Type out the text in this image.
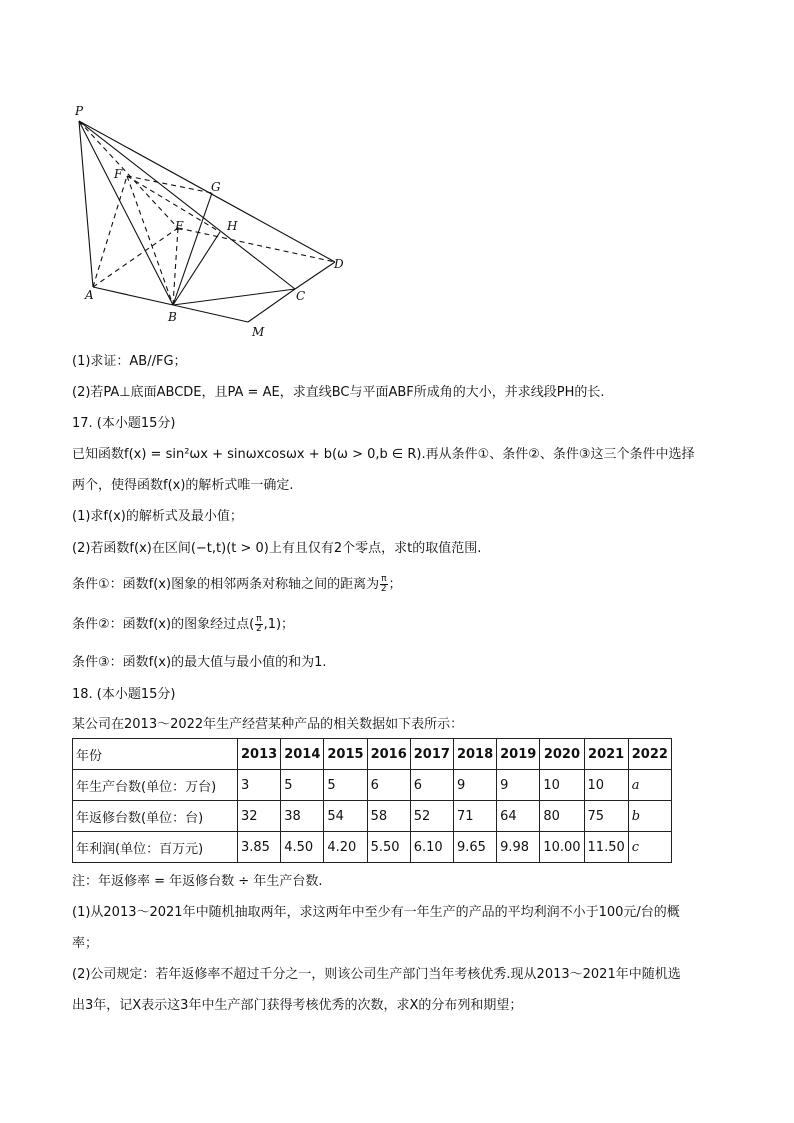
P
F
G
E	H
D
A
B
C
M
(1)求证：AB//FG；
(2)若PA⊥底面ABCDE，且PA = AE，求直线BC与平面ABF所成角的大小，并求线段PH的长.
17. (本小题15分)
已知函数f(x) = sin²ωx + sinωxcosωx + b(ω > 0,b ∈ R).再从条件①、条件②、条件③这三个条件中选择
两个，使得函数f(x)的解析式唯一确定.
(1)求f(x)的解析式及最小值；
(2)若函数f(x)在区间(−t,t)(t > 0)上有且仅有2个零点，求t的取值范围.
条件①：函数f(x)图象的相邻两条对称轴之间的距离为 $\frac{\pi}{2}$ ；
条件②：函数f(x)的图象经过点( $\frac{\pi}{2} ,1$)；
条件③：函数f(x)的最大值与最小值的和为1.
18. (本小题15分)
某公司在2013～2022年生产经营某种产品的相关数据如下表所示：
年份	2013	2014	2015	2016	2017	2018	2019	2020	2021	2022
年生产台数(单位：万台)	3	5	5	6	6	9	9	10	10	a
年返修台数(单位：台)	32	38	54	58	52	71	64	80	75	b
年利润(单位：百万元)	3.85	4.50	4.20	5.50	6.10	9.65	9.98	10.00	11.50	c
注：年返修率 = 年返修台数 ÷ 年生产台数.
(1)从2013～2021年中随机抽取两年，求这两年中至少有一年生产的产品的平均利润不小于100元/台的概
率；
(2)公司规定：若年返修率不超过千分之一，则该公司生产部门当年考核优秀.现从2013～2021年中随机选
出3年，记X表示这3年中生产部门获得考核优秀的次数，求X的分布列和期望；
